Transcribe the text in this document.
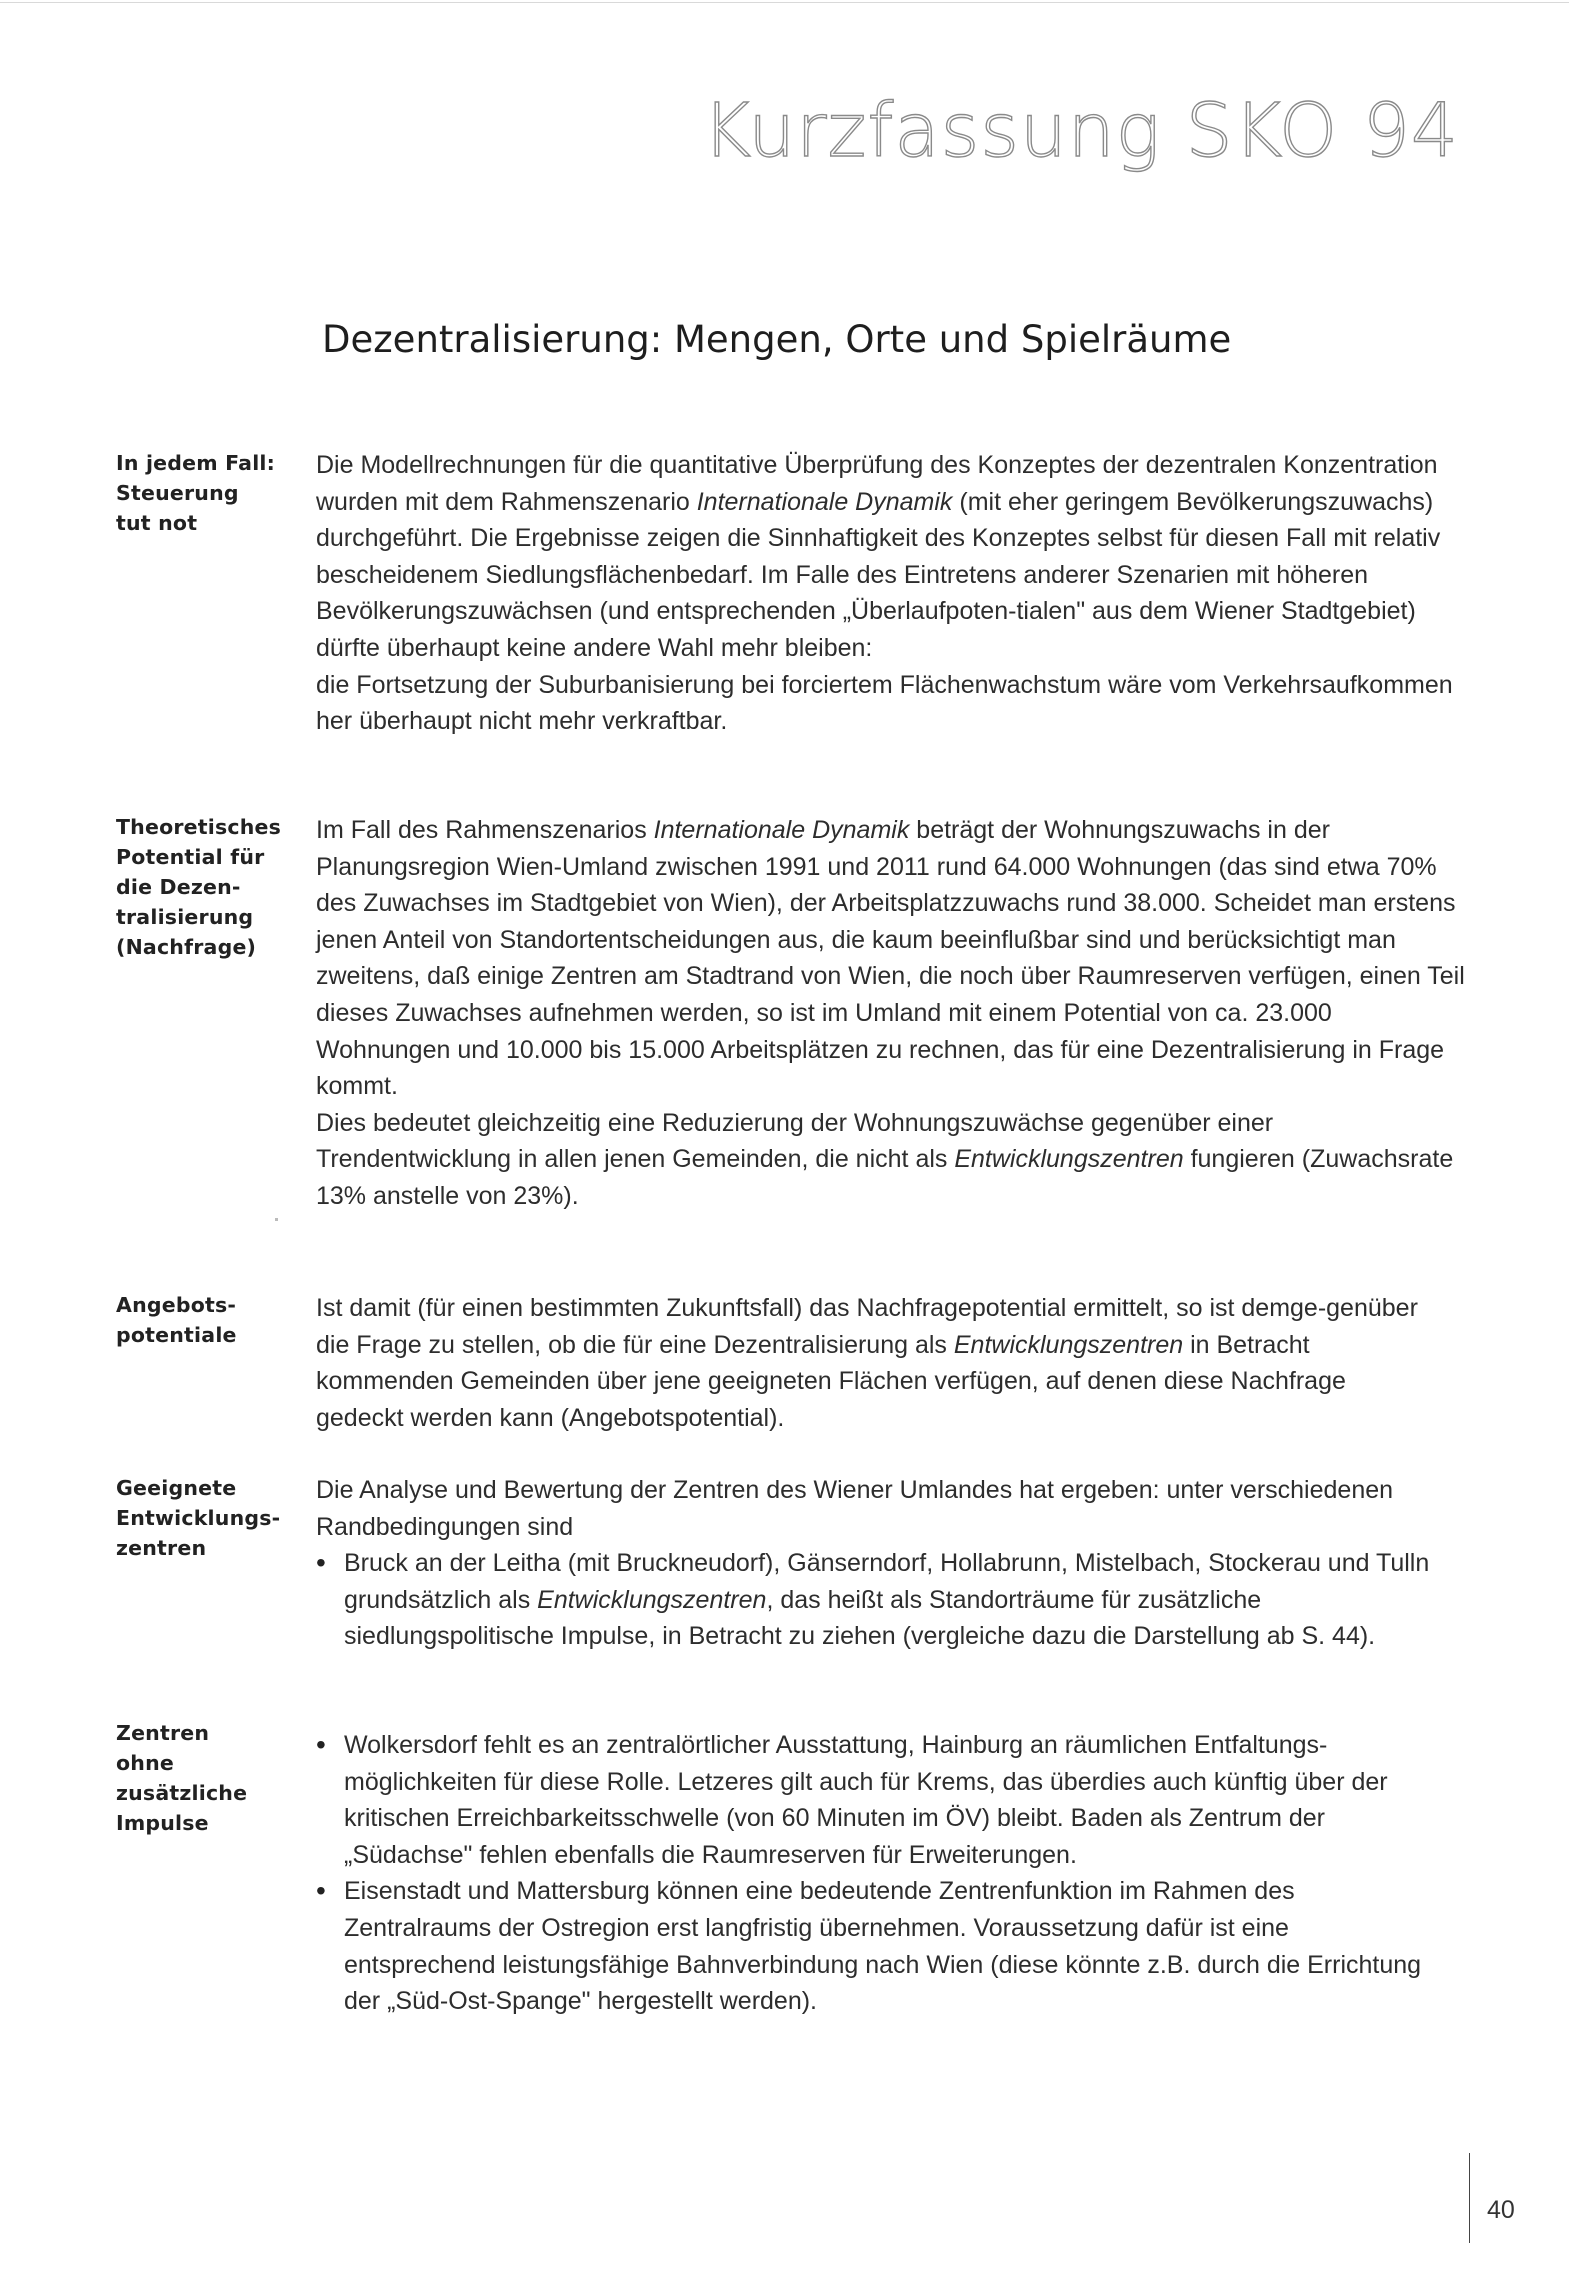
Kurzfassung SKO 94
Dezentralisierung: Mengen, Orte und Spielräume
In jedem Fall: Steuerung tut not

Die Modellrechnungen für die quantitative Überprüfung des Konzeptes der dezentralen Konzentration wurden mit dem Rahmenszenario Internationale Dynamik (mit eher geringem Bevölkerungszuwachs) durchgeführt. Die Ergebnisse zeigen die Sinnhaftigkeit des Konzeptes selbst für diesen Fall mit relativ bescheidenem Siedlungsflächenbedarf. Im Falle des Eintretens anderer Szenarien mit höheren Bevölkerungszuwächsen (und entsprechenden „Überlaufpoten-tialen" aus dem Wiener Stadtgebiet) dürfte überhaupt keine andere Wahl mehr bleiben:

die Fortsetzung der Suburbanisierung bei forciertem Flächenwachstum wäre vom Verkehrsaufkommen her überhaupt nicht mehr verkraftbar.

Theoretisches Potential für die Dezen-tralisierung (Nachfrage)

Im Fall des Rahmenszenarios Internationale Dynamik beträgt der Wohnungszuwachs in der Planungsregion Wien-Umland zwischen 1991 und 2011 rund 64.000 Wohnungen (das sind etwa 70% des Zuwachses im Stadtgebiet von Wien), der Arbeitsplatzzuwachs rund 38.000. Scheidet man erstens jenen Anteil von Standortentscheidungen aus, die kaum beeinflußbar sind und berücksichtigt man zweitens, daß einige Zentren am Stadtrand von Wien, die noch über Raumreserven verfügen, einen Teil dieses Zuwachses aufnehmen werden, so ist im Umland mit einem Potential von ca. 23.000 Wohnungen und 10.000 bis 15.000 Arbeitsplätzen zu rechnen, das für eine Dezentralisierung in Frage kommt.

Dies bedeutet gleichzeitig eine Reduzierung der Wohnungszuwächse gegenüber einer Trendentwicklung in allen jenen Gemeinden, die nicht als Entwicklungszentren fungieren (Zuwachsrate 13% anstelle von 23%).

Angebots-potentiale

Ist damit (für einen bestimmten Zukunftsfall) das Nachfragepotential ermittelt, so ist demge-genüber die Frage zu stellen, ob die für eine Dezentralisierung als Entwicklungszentren in Betracht kommenden Gemeinden über jene geeigneten Flächen verfügen, auf denen diese Nachfrage gedeckt werden kann (Angebotspotential).

Geeignete Entwicklungs-zentren

Die Analyse und Bewertung der Zentren des Wiener Umlandes hat ergeben: unter verschiedenen Randbedingungen sind

• Bruck an der Leitha (mit Bruckneudorf), Gänserndorf, Hollabrunn, Mistelbach, Stockerau und Tulln grundsätzlich als Entwicklungszentren, das heißt als Standorträume für zusätzliche siedlungspolitische Impulse, in Betracht zu ziehen (vergleiche dazu die Darstellung ab S. 44).
Zentren ohne zusätzliche Impulse
• Wolkersdorf fehlt es an zentralörtlicher Ausstattung, Hainburg an räumlichen Entfaltungs-möglichkeiten für diese Rolle. Letzeres gilt auch für Krems, das überdies auch künftig über der kritischen Erreichbarkeitsschwelle (von 60 Minuten im ÖV) bleibt. Baden als Zentrum der „Südachse" fehlen ebenfalls die Raumreserven für Erweiterungen.
• Eisenstadt und Mattersburg können eine bedeutende Zentrenfunktion im Rahmen des Zentralraums der Ostregion erst langfristig übernehmen. Voraussetzung dafür ist eine entsprechend leistungsfähige Bahnverbindung nach Wien (diese könnte z.B. durch die Errichtung der „Süd-Ost-Spange" hergestellt werden).
40
